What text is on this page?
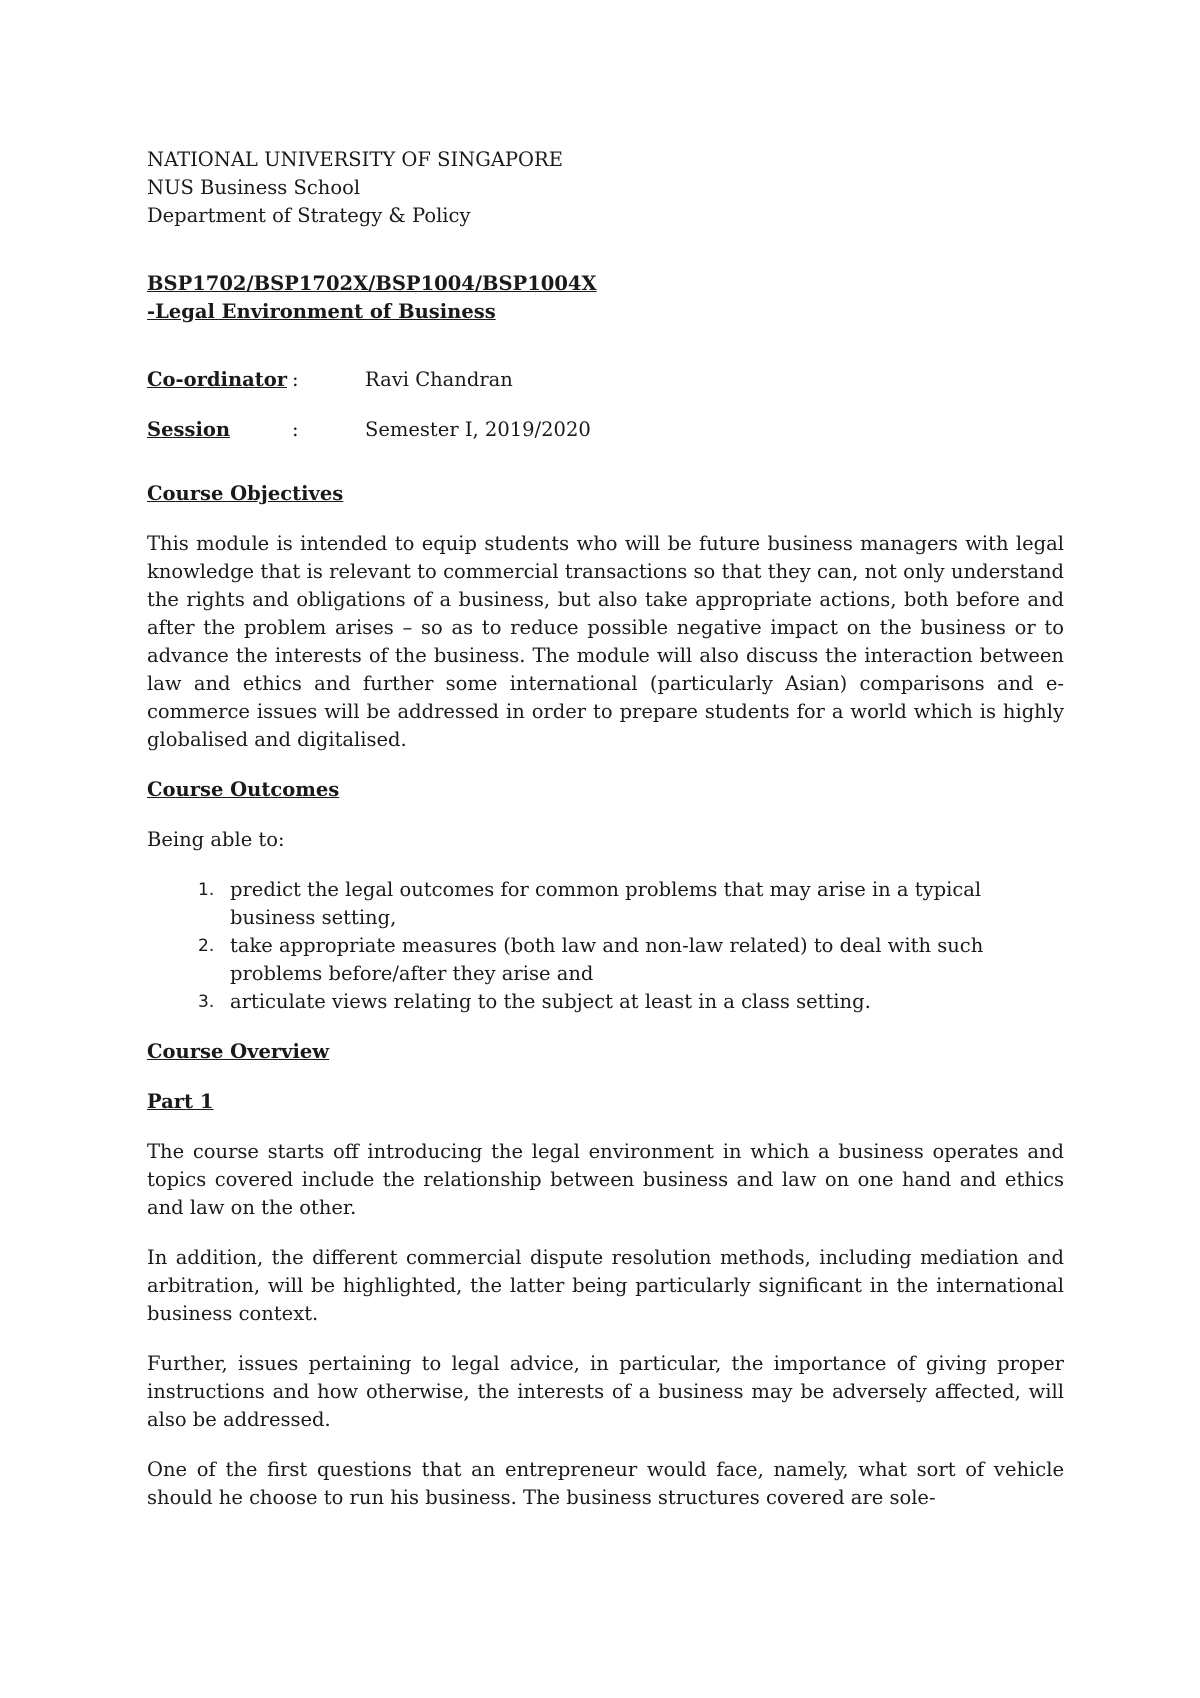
NATIONAL UNIVERSITY OF SINGAPORE
NUS Business School
Department of Strategy & Policy
BSP1702/BSP1702X/BSP1004/BSP1004X
-Legal Environment of Business
Co-ordinator :	Ravi Chandran
Session	:	Semester I, 2019/2020
Course Objectives

This module is intended to equip students who will be future business managers with legal knowledge that is relevant to commercial transactions so that they can, not only understand the rights and obligations of a business, but also take appropriate actions, both before and after the problem arises – so as to reduce possible negative impact on the business or to advance the interests of the business. The module will also discuss the interaction between law and ethics and further some international (particularly Asian) comparisons and e-commerce issues will be addressed in order to prepare students for a world which is highly globalised and digitalised.

Course Outcomes
Being able to:
1. predict the legal outcomes for common problems that may arise in a typical business setting,
2. take appropriate measures (both law and non-law related) to deal with such problems before/after they arise and
3. articulate views relating to the subject at least in a class setting.
Course Overview
Part 1

The course starts off introducing the legal environment in which a business operates and topics covered include the relationship between business and law on one hand and ethics and law on the other.

In addition, the different commercial dispute resolution methods, including mediation and arbitration, will be highlighted, the latter being particularly significant in the international business context.

Further, issues pertaining to legal advice, in particular, the importance of giving proper instructions and how otherwise, the interests of a business may be adversely affected, will also be addressed.

One of the first questions that an entrepreneur would face, namely, what sort of vehicle should he choose to run his business. The business structures covered are sole-
